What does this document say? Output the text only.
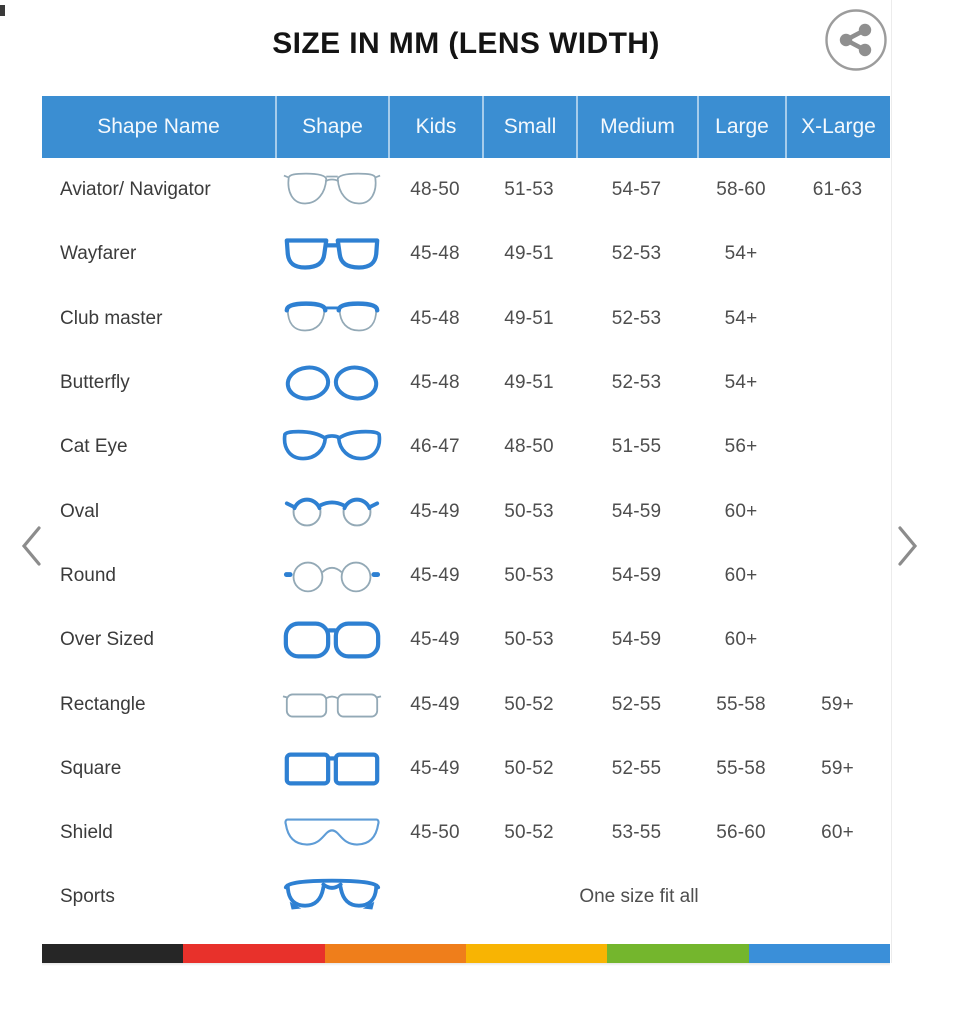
SIZE IN MM (LENS WIDTH)
Shape Name	Shape	Kids	Small	Medium	Large	X-Large
Aviator/ Navigator	48-50	51-53	54-57	58-60	61-63
Wayfarer	45-48	49-51	52-53	54+
Club master	45-48	49-51	52-53	54+
Butterfly	45-48	49-51	52-53	54+
Cat Eye	46-47	48-50	51-55	56+
Oval	45-49	50-53	54-59	60+
Round	45-49	50-53	54-59	60+
Over Sized	45-49	50-53	54-59	60+
Rectangle	45-49	50-52	52-55	55-58	59+
Square	45-49	50-52	52-55	55-58	59+
Shield	45-50	50-52	53-55	56-60	60+
Sports	One size fit all
